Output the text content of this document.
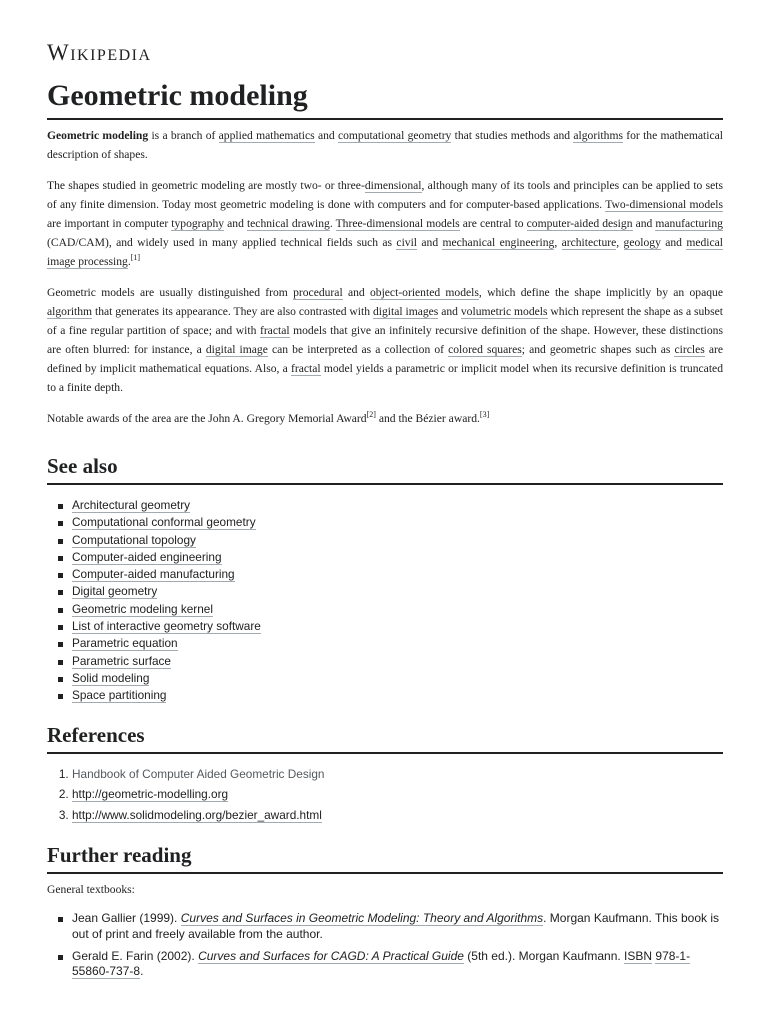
Wikipedia
Geometric modeling

Geometric modeling is a branch of applied mathematics and computational geometry that studies methods and algorithms for the mathematical description of shapes.

The shapes studied in geometric modeling are mostly two- or three-dimensional, although many of its tools and principles can be applied to sets of any finite dimension. Today most geometric modeling is done with computers and for computer-based applications. Two-dimensional models are important in computer typography and technical drawing. Three-dimensional models are central to computer-aided design and manufacturing (CAD/CAM), and widely used in many applied technical fields such as civil and mechanical engineering, architecture, geology and medical image processing.[1]

Geometric models are usually distinguished from procedural and object-oriented models, which define the shape implicitly by an opaque algorithm that generates its appearance. They are also contrasted with digital images and volumetric models which represent the shape as a subset of a fine regular partition of space; and with fractal models that give an infinitely recursive definition of the shape. However, these distinctions are often blurred: for instance, a digital image can be interpreted as a collection of colored squares; and geometric shapes such as circles are defined by implicit mathematical equations. Also, a fractal model yields a parametric or implicit model when its recursive definition is truncated to a finite depth.

Notable awards of the area are the John A. Gregory Memorial Award[2] and the Bézier award.[3]

See also
Architectural geometry
Computational conformal geometry
Computational topology
Computer-aided engineering
Computer-aided manufacturing
Digital geometry
Geometric modeling kernel
List of interactive geometry software
Parametric equation
Parametric surface
Solid modeling
Space partitioning
References
1. Handbook of Computer Aided Geometric Design
2. http://geometric-modelling.org
3. http://www.solidmodeling.org/bezier_award.html
Further reading

General textbooks:

Jean Gallier (1999). Curves and Surfaces in Geometric Modeling: Theory and Algorithms. Morgan Kaufmann. This book is out of print and freely available from the author.
Gerald E. Farin (2002). Curves and Surfaces for CAGD: A Practical Guide (5th ed.). Morgan Kaufmann. ISBN 978-1-55860-737-8.
